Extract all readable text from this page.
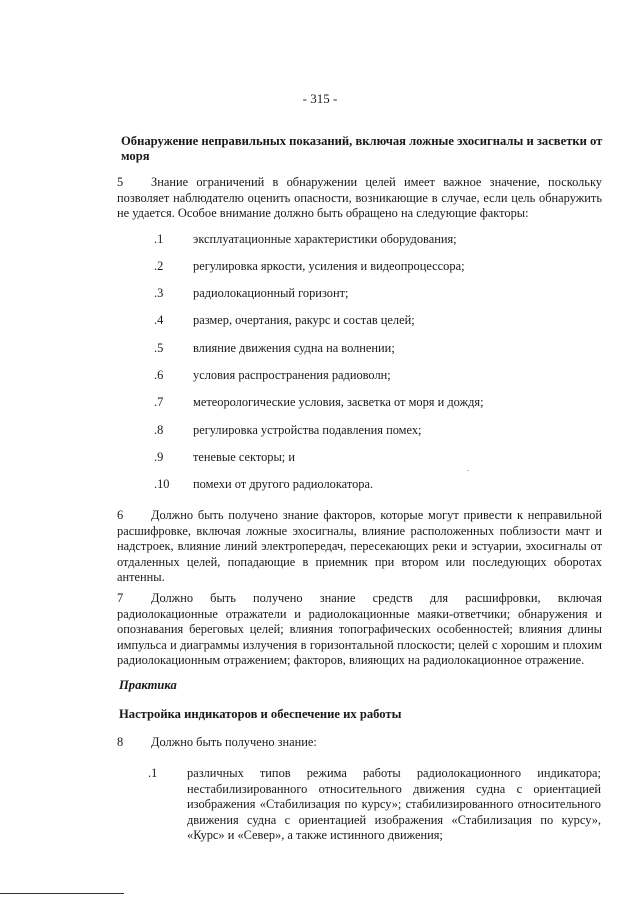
- 315 -
Обнаружение неправильных показаний, включая ложные эхосигналы и засветки от моря
5 Знание ограничений в обнаружении целей имеет важное значение, поскольку позволяет наблюдателю оценить опасности, возникающие в случае, если цель обнаружить не удается. Особое внимание должно быть обращено на следующие факторы:
.1	эксплуатационные характеристики оборудования;
.2	регулировка яркости, усиления и видеопроцессора;
.3	радиолокационный горизонт;
.4	размер, очертания, ракурс и состав целей;
.5	влияние движения судна на волнении;
.6	условия распространения радиоволн;
.7	метеорологические условия, засветка от моря и дождя;
.8	регулировка устройства подавления помех;
.9	теневые секторы; и
.10	помехи от другого радиолокатора.
6 Должно быть получено знание факторов, которые могут привести к неправильной расшифровке, включая ложные эхосигналы, влияние расположенных поблизости мачт и надстроек, влияние линий электропередач, пересекающих реки и эстуарии, эхосигналы от отдаленных целей, попадающие в приемник при втором или последующих оборотах антенны.
7 Должно быть получено знание средств для расшифровки, включая радиолокационные отражатели и радиолокационные маяки-ответчики; обнаружения и опознавания береговых целей; влияния топографических особенностей; влияния длины импульса и диаграммы излучения в горизонтальной плоскости; целей с хорошим и плохим радиолокационным отражением; факторов, влияющих на радиолокационное отражение.
Практика
Настройка индикаторов и обеспечение их работы
8 Должно быть получено знание:
.1 различных типов режима работы радиолокационного индикатора; нестабилизированного относительного движения судна с ориентацией изображения «Стабилизация по курсу»; стабилизированного относительного движения судна с ориентацией изображения «Стабилизация по курсу», «Курс» и «Север», а также истинного движения;
